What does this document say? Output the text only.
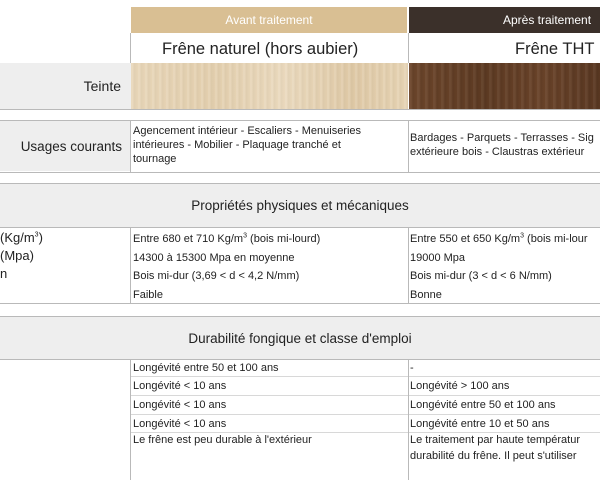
Avant traitement	Après traitement
Frêne naturel (hors aubier)	Frêne THT
Teinte
Usages courants
Agencement intérieur - Escaliers - Menuiseries
intérieures - Mobilier - Plaquage tranché et
tournage
Bardages - Parquets - Terrasses - Sig
extérieure bois - Claustras extérieur
Propriétés physiques et mécaniques
$(Kg/m^3)$
(Mpa)
n
Entre 680 et 710 $Kg/m^3$ (bois mi-lourd)
14300 à 15300 Mpa en moyenne
Bois mi-dur (3,69 < d < 4,2 N/mm)
Faible
Entre 550 et 650 $Kg/m^3$ (bois mi-lour
19000 Mpa
Bois mi-dur (3 < d < 6 N/mm)
Bonne
Durabilité fongique et classe d'emploi
Longévité entre 50 et 100 ans
Longévité < 10 ans
Longévité < 10 ans
Longévité < 10 ans
Le frêne est peu durable à l'extérieur
-
Longévité > 100 ans
Longévité entre 50 et 100 ans
Longévité entre 10 et 50 ans
Le traitement par haute températur
durabilité du frêne. Il peut s'utiliser
